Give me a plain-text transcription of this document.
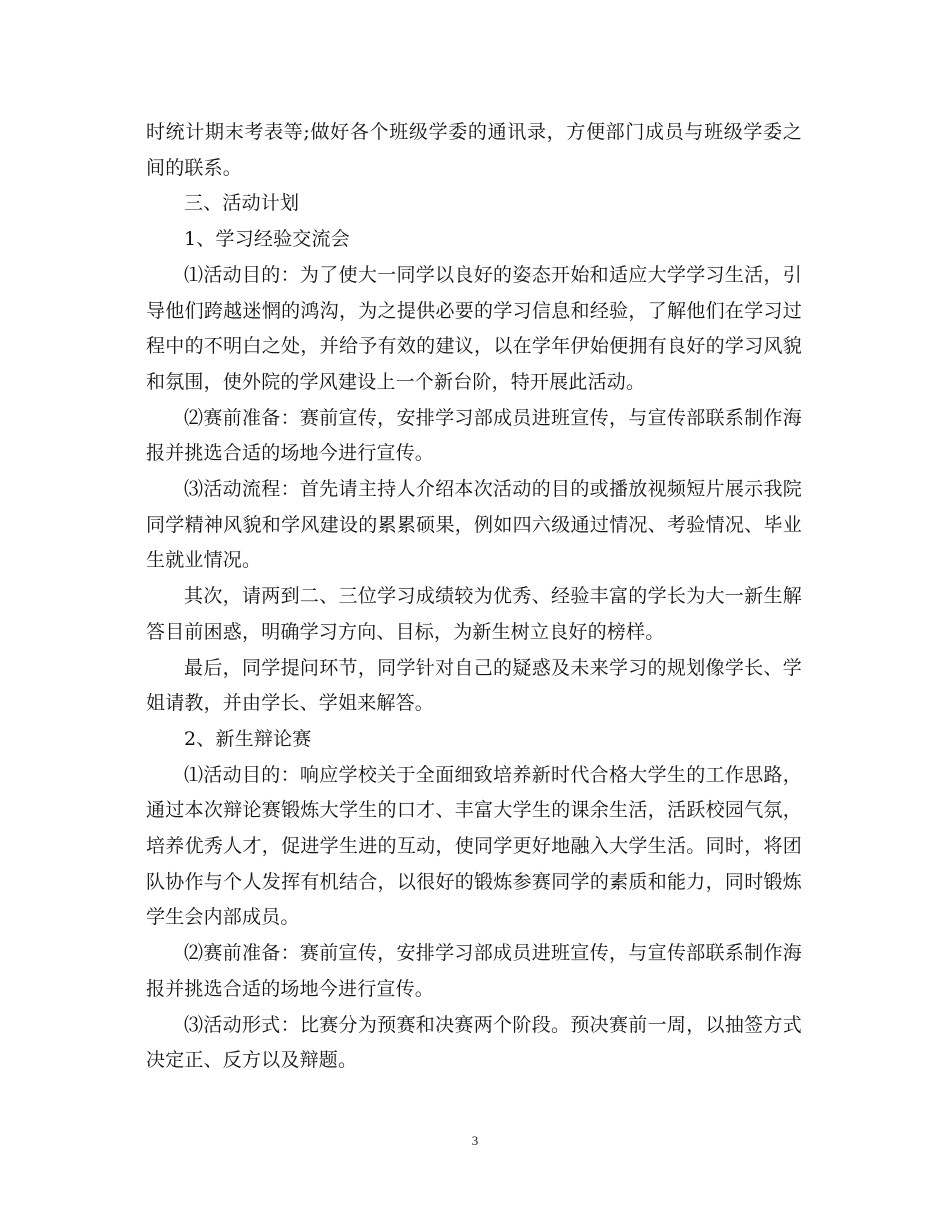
时统计期末考表等;做好各个班级学委的通讯录，方便部门成员与班级学委之间的联系。

三、活动计划

1、学习经验交流会

⑴活动目的：为了使大一同学以良好的姿态开始和适应大学学习生活，引导他们跨越迷惘的鸿沟，为之提供必要的学习信息和经验，了解他们在学习过程中的不明白之处，并给予有效的建议，以在学年伊始便拥有良好的学习风貌和氛围，使外院的学风建设上一个新台阶，特开展此活动。

⑵赛前准备：赛前宣传，安排学习部成员进班宣传，与宣传部联系制作海报并挑选合适的场地今进行宣传。

⑶活动流程：首先请主持人介绍本次活动的目的或播放视频短片展示我院同学精神风貌和学风建设的累累硕果，例如四六级通过情况、考验情况、毕业生就业情况。

其次，请两到二、三位学习成绩较为优秀、经验丰富的学长为大一新生解答目前困惑，明确学习方向、目标，为新生树立良好的榜样。

最后，同学提问环节，同学针对自己的疑惑及未来学习的规划像学长、学姐请教，并由学长、学姐来解答。

2、新生辩论赛

⑴活动目的：响应学校关于全面细致培养新时代合格大学生的工作思路，通过本次辩论赛锻炼大学生的口才、丰富大学生的课余生活，活跃校园气氛，培养优秀人才，促进学生进的互动，使同学更好地融入大学生活。同时，将团队协作与个人发挥有机结合，以很好的锻炼参赛同学的素质和能力，同时锻炼学生会内部成员。

⑵赛前准备：赛前宣传，安排学习部成员进班宣传，与宣传部联系制作海报并挑选合适的场地今进行宣传。

⑶活动形式：比赛分为预赛和决赛两个阶段。预决赛前一周，以抽签方式决定正、反方以及辩题。

3
